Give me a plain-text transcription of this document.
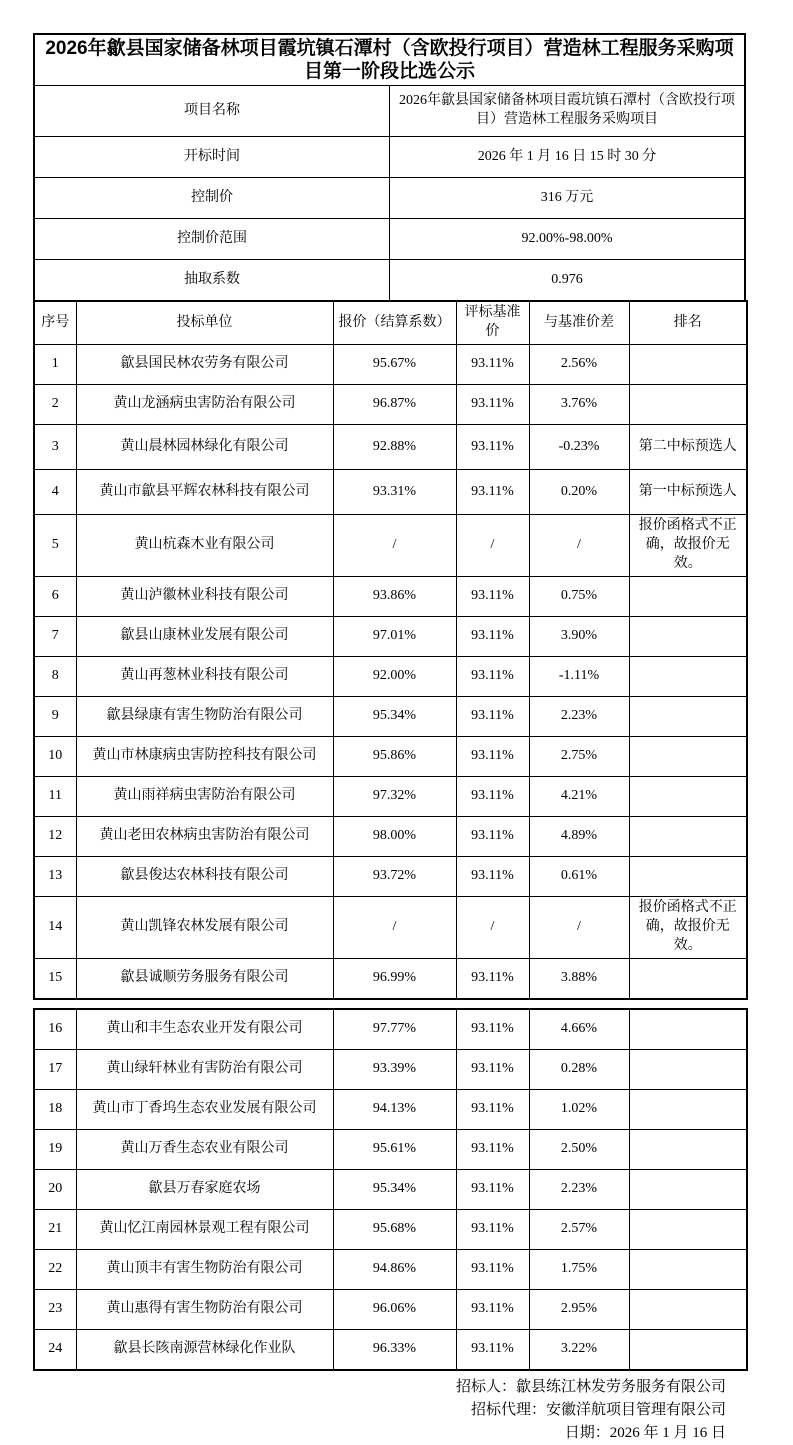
2026年歙县国家储备林项目霞坑镇石潭村（含欧投行项目）营造林工程服务采购项目第一阶段比选公示	
项目名称	2026年歙县国家储备林项目霞坑镇石潭村（含欧投行项目）营造林工程服务采购项目
开标时间	2026 年 1 月 16 日 15 时 30 分
控制价	316 万元
控制价范围	92.00%-98.00%
抽取系数	0.976
序号	投标单位	报价（结算系数）	评标基准价	与基准价差	排名
1	歙县国民林农劳务有限公司	95.67%	93.11%	2.56%	
2	黄山龙涵病虫害防治有限公司	96.87%	93.11%	3.76%	
3	黄山晨林园林绿化有限公司	92.88%	93.11%	-0.23%	第二中标预选人
4	黄山市歙县平辉农林科技有限公司	93.31%	93.11%	0.20%	第一中标预选人
5	黄山杭森木业有限公司	/	/	/	报价函格式不正确，故报价无效。
6	黄山泸徽林业科技有限公司	93.86%	93.11%	0.75%	
7	歙县山康林业发展有限公司	97.01%	93.11%	3.90%	
8	黄山再葱林业科技有限公司	92.00%	93.11%	-1.11%	
9	歙县绿康有害生物防治有限公司	95.34%	93.11%	2.23%	
10	黄山市林康病虫害防控科技有限公司	95.86%	93.11%	2.75%	
11	黄山雨祥病虫害防治有限公司	97.32%	93.11%	4.21%	
12	黄山老田农林病虫害防治有限公司	98.00%	93.11%	4.89%	
13	歙县俊达农林科技有限公司	93.72%	93.11%	0.61%	
14	黄山凯锋农林发展有限公司	/	/	/	报价函格式不正确，故报价无效。
15	歙县诚顺劳务服务有限公司	96.99%	93.11%	3.88%	
16	黄山和丰生态农业开发有限公司	97.77%	93.11%	4.66%	
17	黄山绿轩林业有害防治有限公司	93.39%	93.11%	0.28%	
18	黄山市丁香坞生态农业发展有限公司	94.13%	93.11%	1.02%	
19	黄山万香生态农业有限公司	95.61%	93.11%	2.50%	
20	歙县万春家庭农场	95.34%	93.11%	2.23%	
21	黄山忆江南园林景观工程有限公司	95.68%	93.11%	2.57%	
22	黄山顶丰有害生物防治有限公司	94.86%	93.11%	1.75%	
23	黄山惠得有害生物防治有限公司	96.06%	93.11%	2.95%	
24	歙县长陔南源营林绿化作业队	96.33%	93.11%	3.22%	
招标人：歙县练江林发劳务服务有限公司
招标代理：安徽洋航项目管理有限公司
日期：2026 年 1 月 16 日
